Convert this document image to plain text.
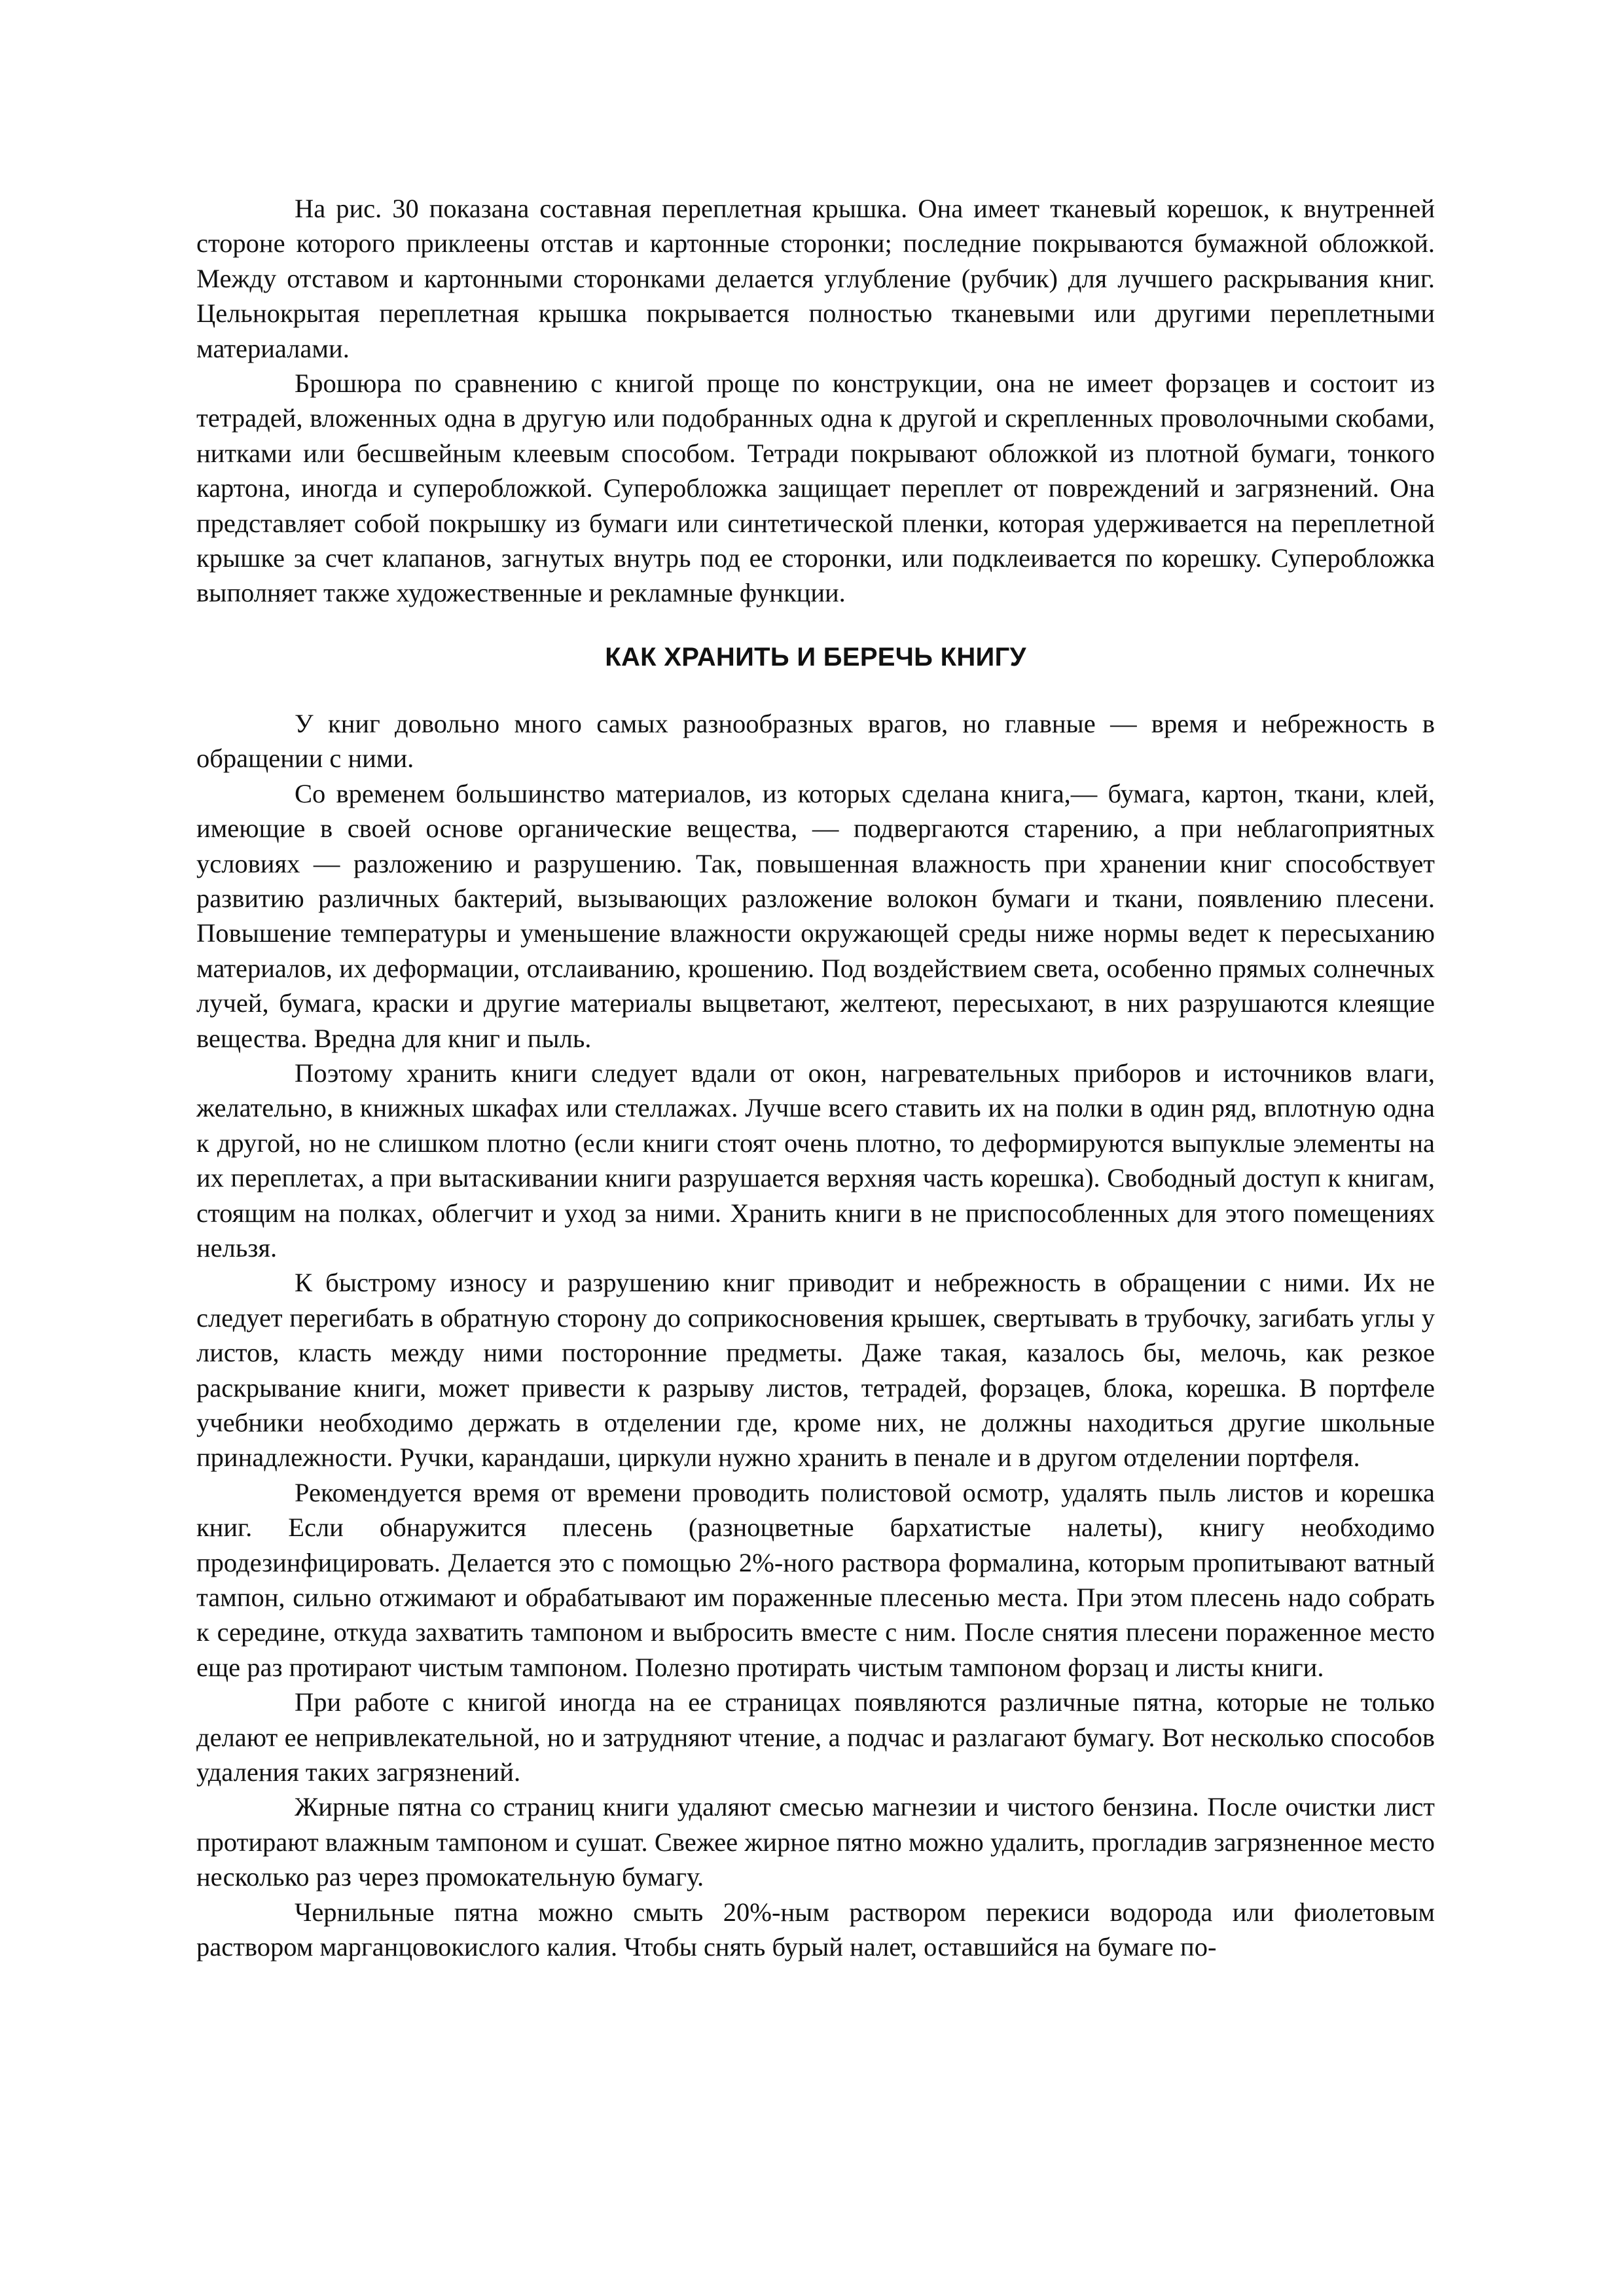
На рис. 30 показана составная переплетная крышка. Она имеет тканевый корешок, к внутренней стороне которого приклеены отстав и картонные сторонки; последние покрываются бумажной обложкой. Между отставом и картонными сторонками делается углубление (рубчик) для лучшего раскрывания книг. Цельнокрытая переплетная крышка покрывается полностью тканевыми или другими переплетными материалами.

Брошюра по сравнению с книгой проще по конструкции, она не имеет форзацев и состоит из тетрадей, вложенных одна в другую или подобранных одна к другой и скрепленных проволочными скобами, нитками или бесшвейным клеевым способом. Тетради покрывают обложкой из плотной бумаги, тонкого картона, иногда и суперобложкой. Суперобложка защищает переплет от повреждений и загрязнений. Она представляет собой покрышку из бумаги или синтетической пленки, которая удерживается на переплетной крышке за счет клапанов, загнутых внутрь под ее сторонки, или подклеивается по корешку. Суперобложка выполняет также художественные и рекламные функции.

КАК ХРАНИТЬ И БЕРЕЧЬ КНИГУ

У книг довольно много самых разнообразных врагов, но главные — время и небрежность в обращении с ними.

Со временем большинство материалов, из которых сделана книга,— бумага, картон, ткани, клей, имеющие в своей основе органические вещества, — подвергаются старению, а при неблагоприятных условиях — разложению и разрушению. Так, повышенная влажность при хранении книг способствует развитию различных бактерий, вызывающих разложение волокон бумаги и ткани, появлению плесени. Повышение температуры и уменьшение влажности окружающей среды ниже нормы ведет к пересыханию материалов, их деформации, отслаиванию, крошению. Под воздействием света, особенно прямых солнечных лучей, бумага, краски и другие материалы выцветают, желтеют, пересыхают, в них разрушаются клеящие вещества. Вредна для книг и пыль.

Поэтому хранить книги следует вдали от окон, нагревательных приборов и источников влаги, желательно, в книжных шкафах или стеллажах. Лучше всего ставить их на полки в один ряд, вплотную одна к другой, но не слишком плотно (если книги стоят очень плотно, то деформируются выпуклые элементы на их переплетах, а при вытаскивании книги разрушается верхняя часть корешка). Свободный доступ к книгам, стоящим на полках, облегчит и уход за ними. Хранить книги в не приспособленных для этого помещениях нельзя.

К быстрому износу и разрушению книг приводит и небрежность в обращении с ними. Их не следует перегибать в обратную сторону до соприкосновения крышек, свертывать в трубочку, загибать углы у листов, класть между ними посторонние предметы. Даже такая, казалось бы, мелочь, как резкое раскрывание книги, может привести к разрыву листов, тетрадей, форзацев, блока, корешка. В портфеле учебники необходимо держать в отделении где, кроме них, не должны находиться другие школьные принадлежности. Ручки, карандаши, циркули нужно хранить в пенале и в другом отделении портфеля.

Рекомендуется время от времени проводить полистовой осмотр, удалять пыль листов и корешка книг. Если обнаружится плесень (разноцветные бархатистые налеты), книгу необходимо продезинфицировать. Делается это с помощью 2%-ного раствора формалина, которым пропитывают ватный тампон, сильно отжимают и обрабатывают им пораженные плесенью места. При этом плесень надо собрать к середине, откуда захватить тампоном и выбросить вместе с ним. После снятия плесени пораженное место еще раз протирают чистым тампоном. Полезно протирать чистым тампоном форзац и листы книги.

При работе с книгой иногда на ее страницах появляются различные пятна, которые не только делают ее непривлекательной, но и затрудняют чтение, а подчас и разлагают бумагу. Вот несколько способов удаления таких загрязнений.

Жирные пятна со страниц книги удаляют смесью магнезии и чистого бензина. После очистки лист протирают влажным тампоном и сушат. Свежее жирное пятно можно удалить, прогладив загрязненное место несколько раз через промокательную бумагу.

Чернильные пятна можно смыть 20%-ным раствором перекиси водорода или фиолетовым раствором марганцовокислого калия. Чтобы снять бурый налет, оставшийся на бумаге по-
